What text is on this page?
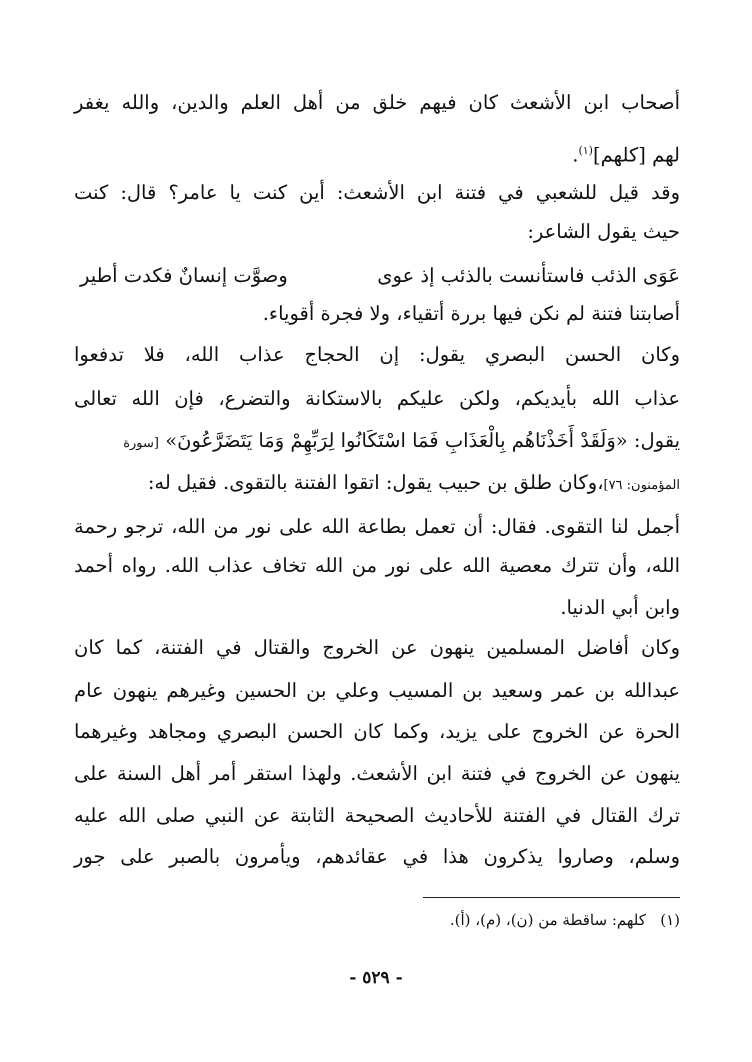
أصحاب ابن الأشعث كان فيهم خلق من أهل العلم والدين، والله يغفر
لهم [كلهم]$^{(١)}$.
وقد قيل للشعبي في فتنة ابن الأشعث: أين كنت يا عامر؟ قال: كنت
حيث يقول الشاعر:
عَوَى الذئب فاستأنست بالذئب إذ عوى
وصوَّت إنسانٌ فكدت أطير
أصابتنا فتنة لم نكن فيها بررة أتقياء، ولا فجرة أقوياء.
وكان الحسن البصري يقول: إن الحجاج عذاب الله، فلا تدفعوا
عذاب الله بأيديكم، ولكن عليكم بالاستكانة والتضرع، فإن الله تعالى
يقول: «وَلَقَدْ أَخَذْنَاهُم بِالْعَذَابِ فَمَا اسْتَكَانُوا لِرَبِّهِمْ وَمَا يَتَضَرَّعُونَ» [سورة
المؤمنون: ٧٦]،وكان طلق بن حبيب يقول: اتقوا الفتنة بالتقوى. فقيل له:
أجمل لنا التقوى. فقال: أن تعمل بطاعة الله على نور من الله، ترجو رحمة
الله، وأن تترك معصية الله على نور من الله تخاف عذاب الله. رواه أحمد
وابن أبي الدنيا.
وكان أفاضل المسلمين ينهون عن الخروج والقتال في الفتنة، كما كان
عبدالله بن عمر وسعيد بن المسيب وعلي بن الحسين وغيرهم ينهون عام
الحرة عن الخروج على يزيد، وكما كان الحسن البصري ومجاهد وغيرهما
ينهون عن الخروج في فتنة ابن الأشعث. ولهذا استقر أمر أهل السنة على
ترك القتال في الفتنة للأحاديث الصحيحة الثابتة عن النبي صلى الله عليه
وسلم، وصاروا يذكرون هذا في عقائدهم، ويأمرون بالصبر على جور
(١)   كلهم: ساقطة من (ن)، (م)، (أ).
- ٥٢٩ -
